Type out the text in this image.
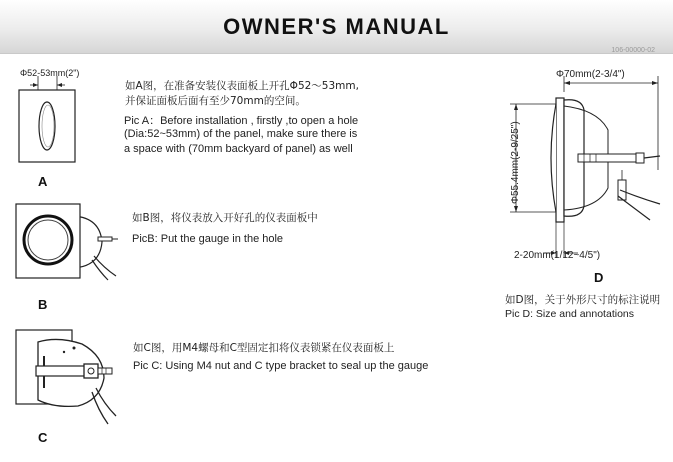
OWNER'S MANUAL
106-00000-02
Φ52-53mm(2")
A
如A图，在准备安装仪表面板上开孔Φ52～53mm,
并保证面板后面有至少70mm的空间。
Pic A：Before installation , firstly ,to open a hole
(Dia:52~53mm) of the panel, make sure there is
a space with (70mm backyard of panel) as well
B
如B图，将仪表放入开好孔的仪表面板中
PicB: Put the gauge in the hole
C
如C图，用M4螺母和C型固定扣将仪表锁紧在仪表面板上
Pic C: Using M4 nut and C type bracket to seal up the gauge
Φ70mm(2-3/4")
Φ55.4mm(2-9/25")
2-20mm(1/12~4/5")
D
如D图，关于外形尺寸的标注说明
Pic D: Size and annotations
